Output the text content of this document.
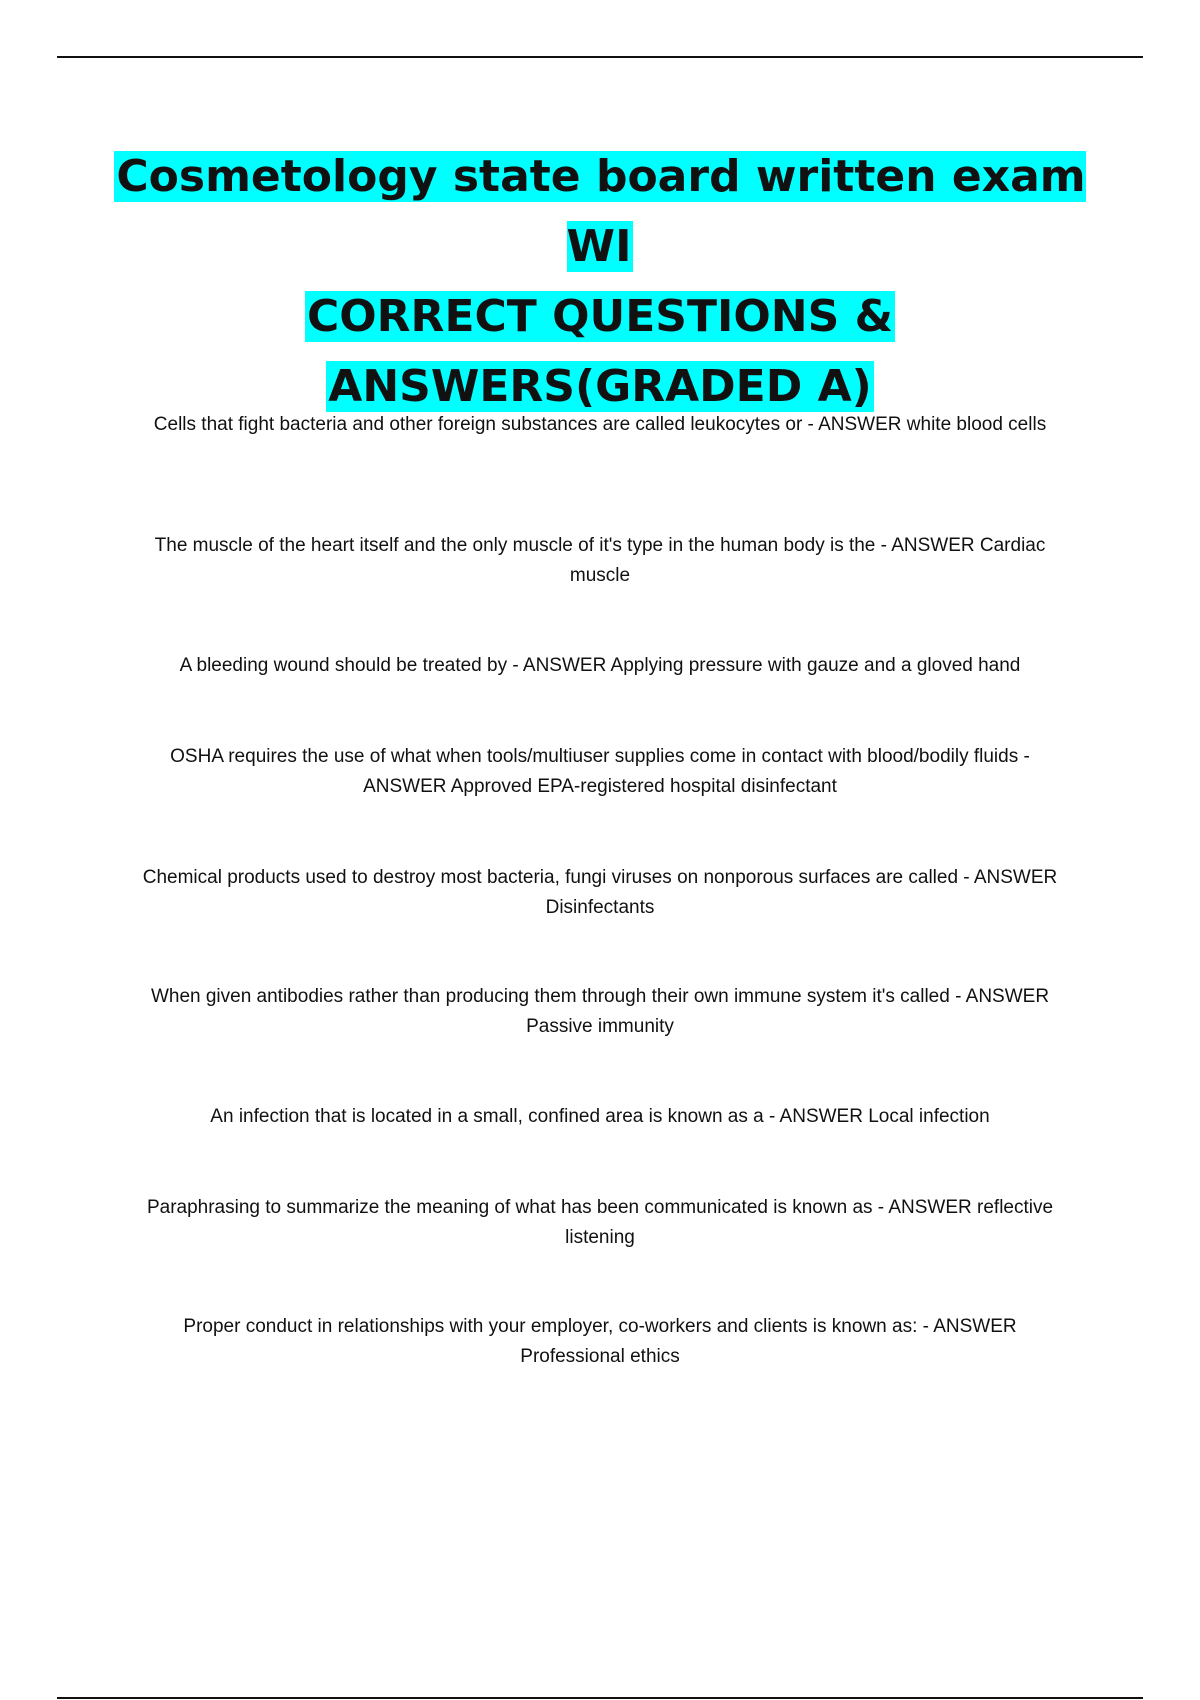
Cosmetology state board written exam WI
CORRECT QUESTIONS &
ANSWERS(GRADED A)

Cells that fight bacteria and other foreign substances are called leukocytes or - ANSWER white blood cells

The muscle of the heart itself and the only muscle of it's type in the human body is the - ANSWER Cardiac muscle

A bleeding wound should be treated by - ANSWER Applying pressure with gauze and a gloved hand

OSHA requires the use of what when tools/multiuser supplies come in contact with blood/bodily fluids - ANSWER Approved EPA-registered hospital disinfectant

Chemical products used to destroy most bacteria, fungi viruses on nonporous surfaces are called - ANSWER Disinfectants

When given antibodies rather than producing them through their own immune system it's called - ANSWER Passive immunity

An infection that is located in a small, confined area is known as a - ANSWER Local infection

Paraphrasing to summarize the meaning of what has been communicated is known as - ANSWER reflective listening

Proper conduct in relationships with your employer, co-workers and clients is known as: - ANSWER Professional ethics
